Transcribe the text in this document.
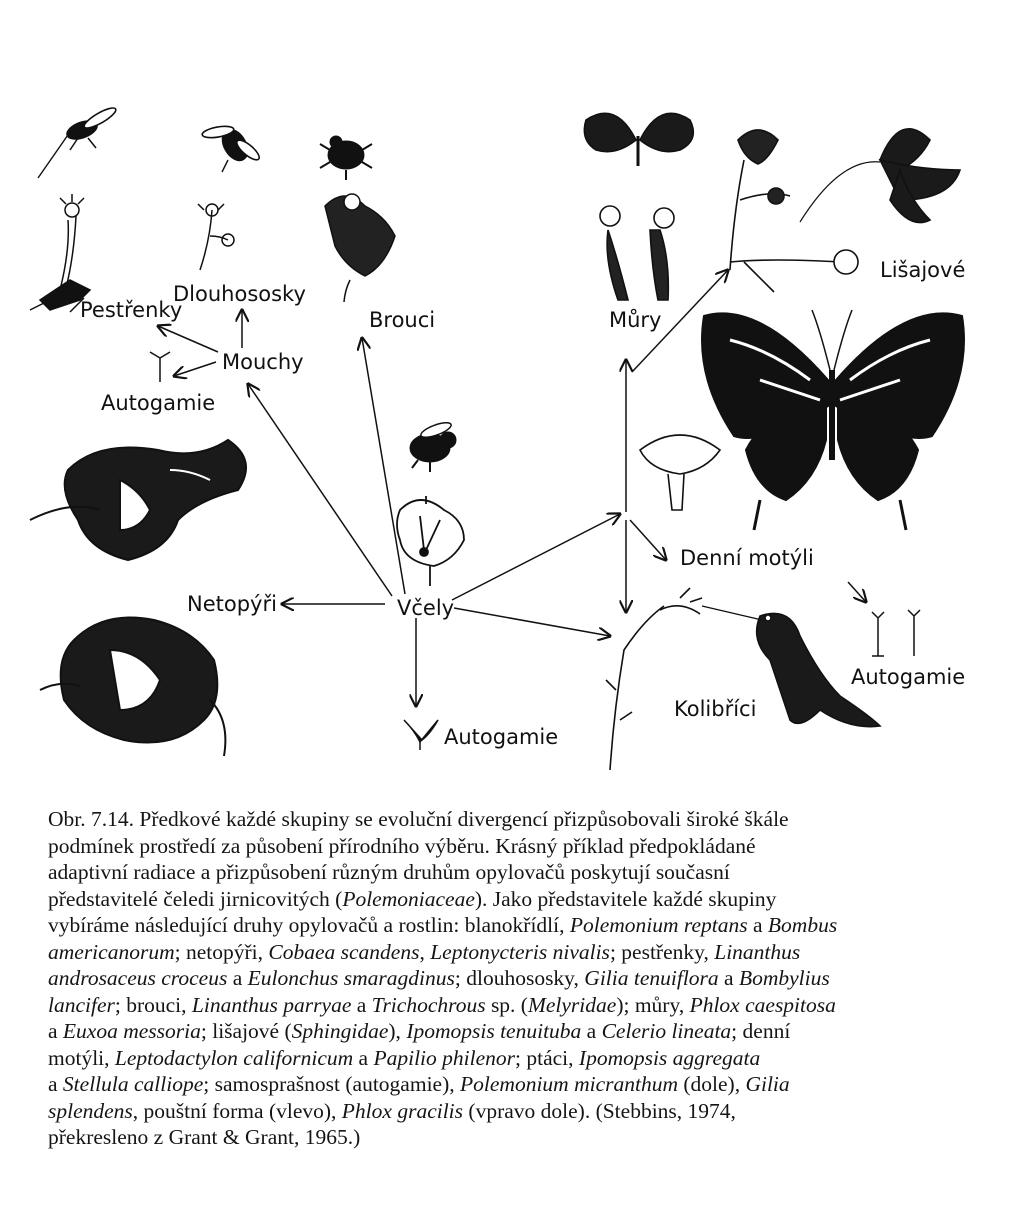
Pestřenky
Dlouhososky
Mouchy
Autogamie
Brouci	Můry
Lišajové
Netopýři	Včely
Autogamie
Denní motýli
Autogamie
Kolibříci
Obr. 7.14. Předkové každé skupiny se evoluční divergencí přizpůsobovali široké škále
podmínek prostředí za působení přírodního výběru. Krásný příklad předpokládané
adaptivní radiace a přizpůsobení různým druhům opylovačů poskytují současní
představitelé čeledi jirnicovitých (Polemoniaceae). Jako představitele každé skupiny
vybíráme následující druhy opylovačů a rostlin: blanokřídlí, Polemonium reptans a Bombus
americanorum; netopýři, Cobaea scandens, Leptonycteris nivalis; pestřenky, Linanthus
androsaceus croceus a Eulonchus smaragdinus; dlouhososky, Gilia tenuiflora a Bombylius
lancifer; brouci, Linanthus parryae a Trichochrous sp. (Melyridae); můry, Phlox caespitosa
a Euxoa messoria; lišajové (Sphingidae), Ipomopsis tenuituba a Celerio lineata; denní
motýli, Leptodactylon californicum a Papilio philenor; ptáci, Ipomopsis aggregata
a Stellula calliope; samosprašnost (autogamie), Polemonium micranthum (dole), Gilia
splendens, pouštní forma (vlevo), Phlox gracilis (vpravo dole). (Stebbins, 1974,
překresleno z Grant & Grant, 1965.)
